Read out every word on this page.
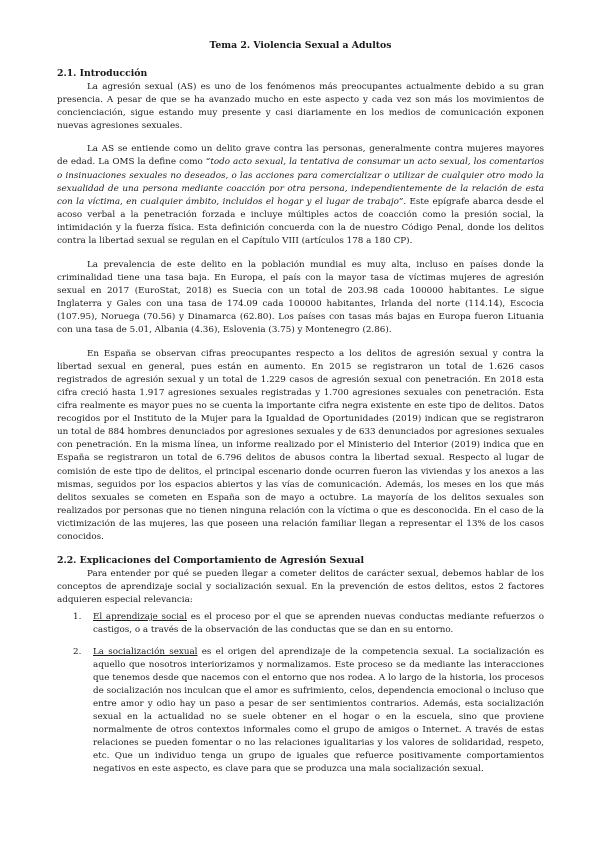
Tema 2. Violencia Sexual a Adultos
2.1. Introducción

La agresión sexual (AS) es uno de los fenómenos más preocupantes actualmente debido a su gran presencia. A pesar de que se ha avanzado mucho en este aspecto y cada vez son más los movimientos de concienciación, sigue estando muy presente y casi diariamente en los medios de comunicación exponen nuevas agresiones sexuales.

La AS se entiende como un delito grave contra las personas, generalmente contra mujeres mayores de edad. La OMS la define como “todo acto sexual, la tentativa de consumar un acto sexual, los comentarios o insinuaciones sexuales no deseados, o las acciones para comercializar o utilizar de cualquier otro modo la sexualidad de una persona mediante coacción por otra persona, independientemente de la relación de esta con la víctima, en cualquier ámbito, incluidos el hogar y el lugar de trabajo”. Este epígrafe abarca desde el acoso verbal a la penetración forzada e incluye múltiples actos de coacción como la presión social, la intimidación y la fuerza física. Esta definición concuerda con la de nuestro Código Penal, donde los delitos contra la libertad sexual se regulan en el Capítulo VIII (artículos 178 a 180 CP).

La prevalencia de este delito en la población mundial es muy alta, incluso en países donde la criminalidad tiene una tasa baja. En Europa, el país con la mayor tasa de víctimas mujeres de agresión sexual en 2017 (EuroStat, 2018) es Suecia con un total de 203.98 cada 100000 habitantes. Le sigue Inglaterra y Gales con una tasa de 174.09 cada 100000 habitantes, Irlanda del norte (114.14), Escocia (107.95), Noruega (70.56) y Dinamarca (62.80). Los países con tasas más bajas en Europa fueron Lituania con una tasa de 5.01, Albania (4.36), Eslovenia (3.75) y Montenegro (2.86).

En España se observan cifras preocupantes respecto a los delitos de agresión sexual y contra la libertad sexual en general, pues están en aumento. En 2015 se registraron un total de 1.626 casos registrados de agresión sexual y un total de 1.229 casos de agresión sexual con penetración. En 2018 esta cifra creció hasta 1.917 agresiones sexuales registradas y 1.700 agresiones sexuales con penetración. Esta cifra realmente es mayor pues no se cuenta la importante cifra negra existente en este tipo de delitos. Datos recogidos por el Instituto de la Mujer para la Igualdad de Oportunidades (2019) indican que se registraron un total de 884 hombres denunciados por agresiones sexuales y de 633 denunciados por agresiones sexuales con penetración. En la misma línea, un informe realizado por el Ministerio del Interior (2019) indica que en España se registraron un total de 6.796 delitos de abusos contra la libertad sexual. Respecto al lugar de comisión de este tipo de delitos, el principal escenario donde ocurren fueron las viviendas y los anexos a las mismas, seguidos por los espacios abiertos y las vías de comunicación. Además, los meses en los que más delitos sexuales se cometen en España son de mayo a octubre. La mayoría de los delitos sexuales son realizados por personas que no tienen ninguna relación con la víctima o que es desconocida. En el caso de la victimización de las mujeres, las que poseen una relación familiar llegan a representar el 13% de los casos conocidos.

2.2. Explicaciones del Comportamiento de Agresión Sexual

Para entender por qué se pueden llegar a cometer delitos de carácter sexual, debemos hablar de los conceptos de aprendizaje social y socialización sexual. En la prevención de estos delitos, estos 2 factores adquieren especial relevancia:

1. El aprendizaje social es el proceso por el que se aprenden nuevas conductas mediante refuerzos o castigos, o a través de la observación de las conductas que se dan en su entorno.
2. La socialización sexual es el origen del aprendizaje de la competencia sexual. La socialización es aquello que nosotros interiorizamos y normalizamos. Este proceso se da mediante las interacciones que tenemos desde que nacemos con el entorno que nos rodea. A lo largo de la historia, los procesos de socialización nos inculcan que el amor es sufrimiento, celos, dependencia emocional o incluso que entre amor y odio hay un paso a pesar de ser sentimientos contrarios. Además, esta socialización sexual en la actualidad no se suele obtener en el hogar o en la escuela, sino que proviene normalmente de otros contextos informales como el grupo de amigos o Internet. A través de estas relaciones se pueden fomentar o no las relaciones igualitarias y los valores de solidaridad, respeto, etc. Que un individuo tenga un grupo de iguales que refuerce positivamente comportamientos negativos en este aspecto, es clave para que se produzca una mala socialización sexual.
